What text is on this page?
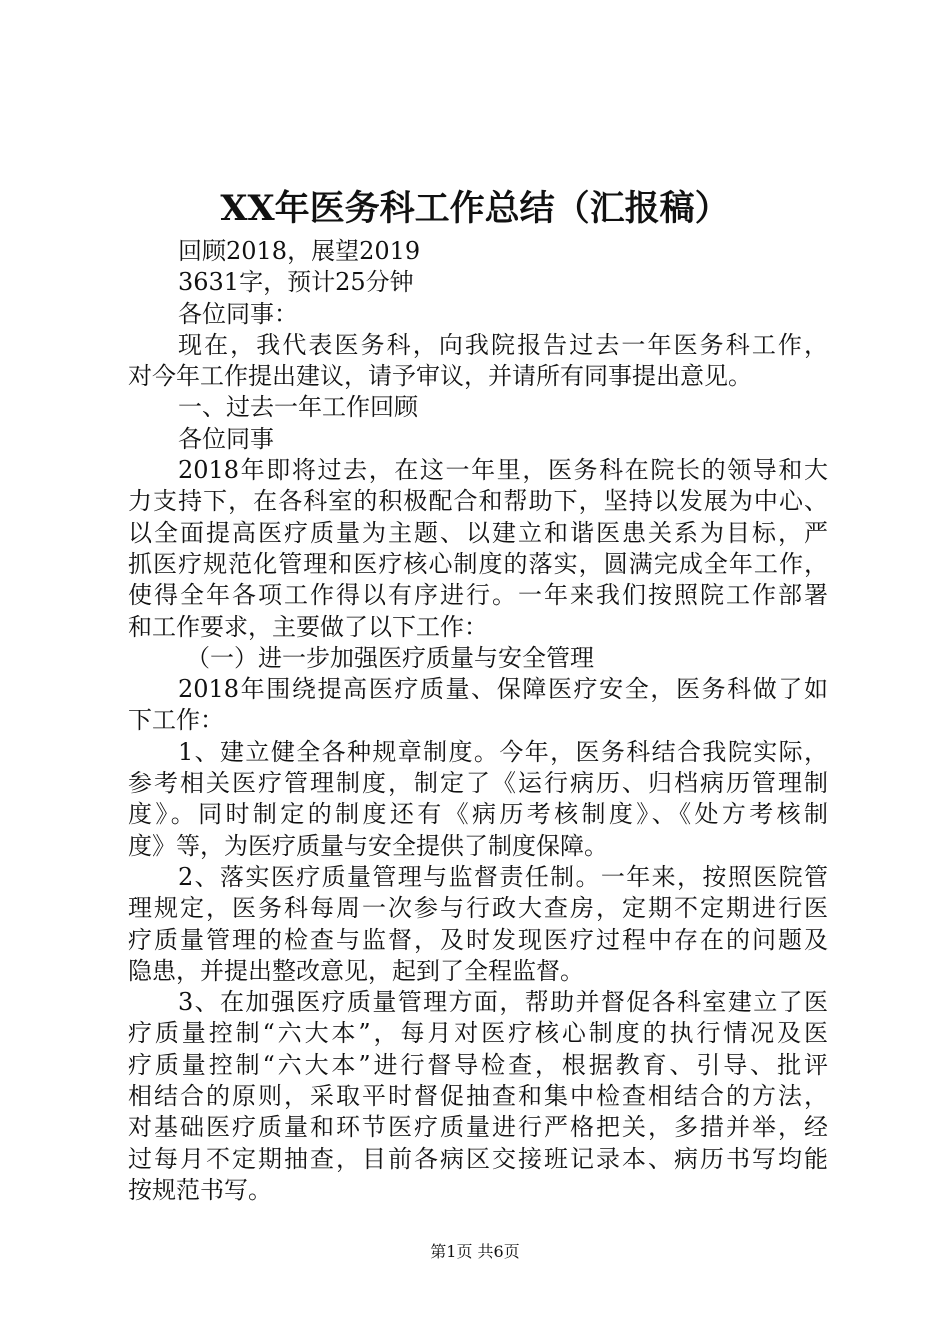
XX年医务科工作总结（汇报稿）
回顾2018，展望2019
3631字，预计25分钟
各位同事：
现在，我代表医务科，向我院报告过去一年医务科工作，
对今年工作提出建议，请予审议，并请所有同事提出意见。
一、过去一年工作回顾
各位同事
2018年即将过去，在这一年里，医务科在院长的领导和大
力支持下，在各科室的积极配合和帮助下，坚持以发展为中心、
以全面提高医疗质量为主题、以建立和谐医患关系为目标，严
抓医疗规范化管理和医疗核心制度的落实，圆满完成全年工作，
使得全年各项工作得以有序进行。一年来我们按照院工作部署
和工作要求，主要做了以下工作：
（一）进一步加强医疗质量与安全管理
2018年围绕提高医疗质量、保障医疗安全，医务科做了如
下工作：
1、建立健全各种规章制度。今年，医务科结合我院实际，
参考相关医疗管理制度，制定了《运行病历、归档病历管理制
度》。同时制定的制度还有《病历考核制度》、《处方考核制
度》等，为医疗质量与安全提供了制度保障。
2、落实医疗质量管理与监督责任制。一年来，按照医院管
理规定，医务科每周一次参与行政大查房，定期不定期进行医
疗质量管理的检查与监督，及时发现医疗过程中存在的问题及
隐患，并提出整改意见，起到了全程监督。
3、在加强医疗质量管理方面，帮助并督促各科室建立了医
疗质量控制“六大本”，每月对医疗核心制度的执行情况及医
疗质量控制“六大本”进行督导检查，根据教育、引导、批评
相结合的原则，采取平时督促抽查和集中检查相结合的方法，
对基础医疗质量和环节医疗质量进行严格把关，多措并举，经
过每月不定期抽查，目前各病区交接班记录本、病历书写均能
按规范书写。
第1页 共6页
